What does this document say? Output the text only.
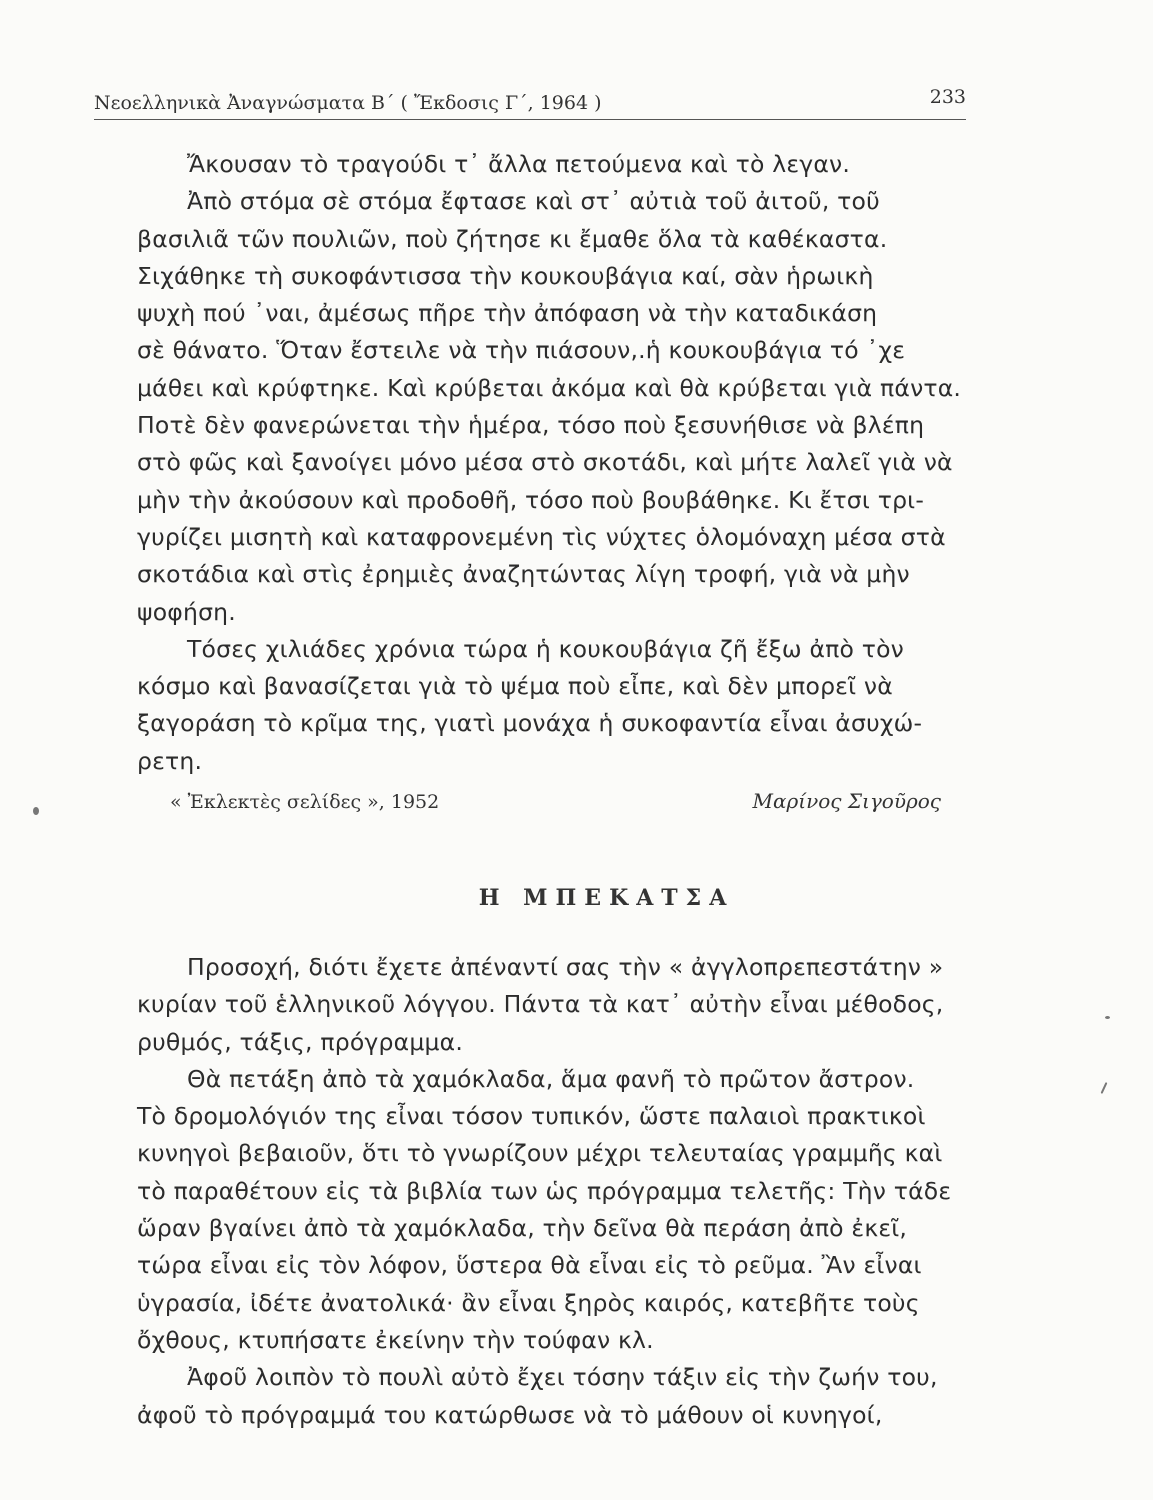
Νεοελληνικὰ Ἀναγνώσματα Β΄ ( Ἔκδοσις Γ΄, 1964 )	233
Ἄκουσαν τὸ τραγούδι τ᾽ ἄλλα πετούμενα καὶ τὸ λεγαν.
Ἀπὸ στόμα σὲ στόμα ἔφτασε καὶ στ᾽ αὐτιὰ τοῦ ἀιτοῦ, τοῦ
βασιλιᾶ τῶν πουλιῶν, ποὺ ζήτησε κι ἔμαθε ὅλα τὰ καθέκαστα.
Σιχάθηκε τὴ συκοφάντισσα τὴν κουκουβάγια καί, σὰν ἡρωικὴ
ψυχὴ πού ᾽ναι, ἀμέσως πῆρε τὴν ἀπόφαση νὰ τὴν καταδικάση
σὲ θάνατο. Ὅταν ἔστειλε νὰ τὴν πιάσουν,.ἡ κουκουβάγια τό ᾽χε
μάθει καὶ κρύφτηκε. Καὶ κρύβεται ἀκόμα καὶ θὰ κρύβεται γιὰ πάντα.
Ποτὲ δὲν φανερώνεται τὴν ἡμέρα, τόσο ποὺ ξεσυνήθισε νὰ βλέπη
στὸ φῶς καὶ ξανοίγει μόνο μέσα στὸ σκοτάδι, καὶ μήτε λαλεῖ γιὰ νὰ
μὴν τὴν ἀκούσουν καὶ προδοθῆ, τόσο ποὺ βουβάθηκε. Κι ἔτσι τρι-
γυρίζει μισητὴ καὶ καταφρονεμένη τὶς νύχτες ὁλομόναχη μέσα στὰ
σκοτάδια καὶ στὶς ἐρημιὲς ἀναζητώντας λίγη τροφή, γιὰ νὰ μὴν
ψοφήση.
Τόσες χιλιάδες χρόνια τώρα ἡ κουκουβάγια ζῆ ἔξω ἀπὸ τὸν
κόσμο καὶ βανασίζεται γιὰ τὸ ψέμα ποὺ εἶπε, καὶ δὲν μπορεῖ νὰ
ξαγοράση τὸ κρῖμα της, γιατὶ μονάχα ἡ συκοφαντία εἶναι ἀσυχώ-
ρετη.
« Ἐκλεκτὲς σελίδες », 1952	Μαρίνος Σιγοῦρος
Η ΜΠΕΚΑΤΣΑ
Προσοχή, διότι ἔχετε ἀπέναντί σας τὴν « ἀγγλοπρεπεστάτην »
κυρίαν τοῦ ἑλληνικοῦ λόγγου. Πάντα τὰ κατ᾽ αὐτὴν εἶναι μέθοδος,
ρυθμός, τάξις, πρόγραμμα.
Θὰ πετάξη ἀπὸ τὰ χαμόκλαδα, ἅμα φανῆ τὸ πρῶτον ἄστρον.
Τὸ δρομολόγιόν της εἶναι τόσον τυπικόν, ὥστε παλαιοὶ πρακτικοὶ
κυνηγοὶ βεβαιοῦν, ὅτι τὸ γνωρίζουν μέχρι τελευταίας γραμμῆς καὶ
τὸ παραθέτουν εἰς τὰ βιβλία των ὡς πρόγραμμα τελετῆς: Τὴν τάδε
ὥραν βγαίνει ἀπὸ τὰ χαμόκλαδα, τὴν δεῖνα θὰ περάση ἀπὸ ἐκεῖ,
τώρα εἶναι εἰς τὸν λόφον, ὕστερα θὰ εἶναι εἰς τὸ ρεῦμα. Ἂν εἶναι
ὑγρασία, ἰδέτε ἀνατολικά· ἂν εἶναι ξηρὸς καιρός, κατεβῆτε τοὺς
ὄχθους, κτυπήσατε ἐκείνην τὴν τούφαν κλ.
Ἀφοῦ λοιπὸν τὸ πουλὶ αὐτὸ ἔχει τόσην τάξιν εἰς τὴν ζωήν του,
ἀφοῦ τὸ πρόγραμμά του κατώρθωσε νὰ τὸ μάθουν οἱ κυνηγοί,
